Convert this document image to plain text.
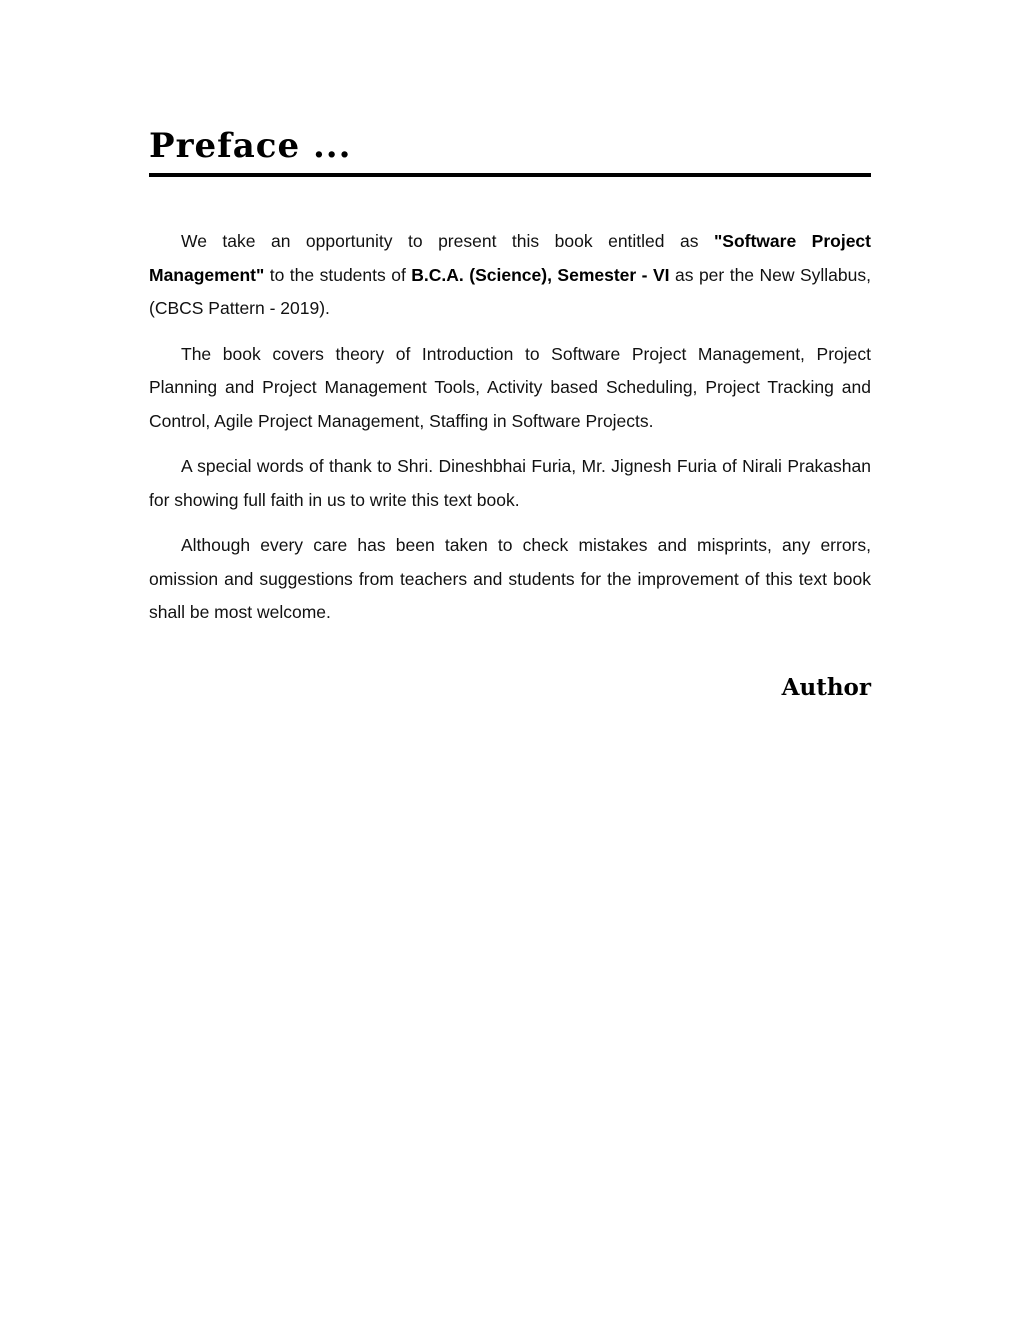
Preface ...

We take an opportunity to present this book entitled as "Software Project Management" to the students of B.C.A. (Science), Semester - VI as per the New Syllabus, (CBCS Pattern - 2019).

The book covers theory of Introduction to Software Project Management, Project Planning and Project Management Tools, Activity based Scheduling, Project Tracking and Control, Agile Project Management, Staffing in Software Projects.

A special words of thank to Shri. Dineshbhai Furia, Mr. Jignesh Furia of Nirali Prakashan for showing full faith in us to write this text book.

Although every care has been taken to check mistakes and misprints, any errors, omission and suggestions from teachers and students for the improvement of this text book shall be most welcome.

Author
